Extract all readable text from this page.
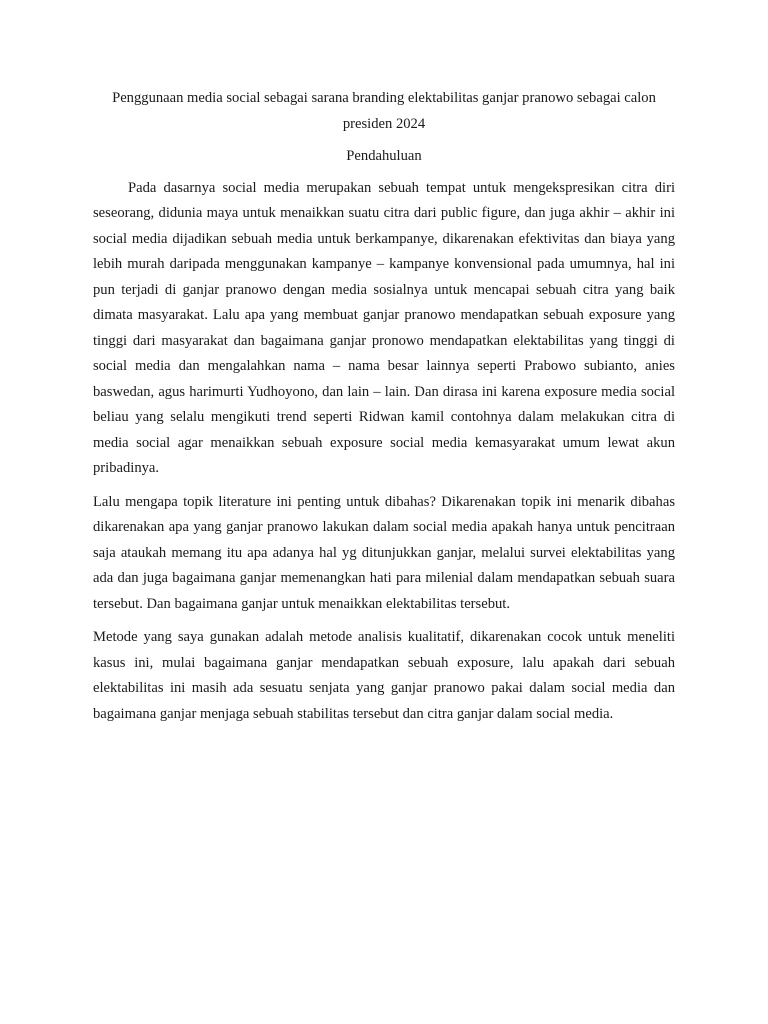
Penggunaan media social sebagai sarana branding elektabilitas ganjar pranowo sebagai calon presiden 2024
Pendahuluan

Pada dasarnya social media merupakan sebuah tempat untuk mengekspresikan citra diri seseorang, didunia maya untuk menaikkan suatu citra dari public figure, dan juga akhir – akhir ini social media dijadikan sebuah media untuk berkampanye, dikarenakan efektivitas dan biaya yang lebih murah daripada menggunakan kampanye – kampanye konvensional pada umumnya, hal ini pun terjadi di ganjar pranowo dengan media sosialnya untuk mencapai sebuah citra yang baik dimata masyarakat. Lalu apa yang membuat ganjar pranowo mendapatkan sebuah exposure yang tinggi dari masyarakat dan bagaimana ganjar pronowo mendapatkan elektabilitas yang tinggi di social media dan mengalahkan nama – nama besar lainnya seperti Prabowo subianto, anies baswedan, agus harimurti Yudhoyono, dan lain – lain. Dan dirasa ini karena exposure media social beliau yang selalu mengikuti trend seperti Ridwan kamil contohnya dalam melakukan citra di media social agar menaikkan sebuah exposure social media kemasyarakat umum lewat akun pribadinya.

Lalu mengapa topik literature ini penting untuk dibahas? Dikarenakan topik ini menarik dibahas dikarenakan apa yang ganjar pranowo lakukan dalam social media apakah hanya untuk pencitraan saja ataukah memang itu apa adanya hal yg ditunjukkan ganjar, melalui survei elektabilitas yang ada dan juga bagaimana ganjar memenangkan hati para milenial dalam mendapatkan sebuah suara tersebut. Dan bagaimana ganjar untuk menaikkan elektabilitas tersebut.

Metode yang saya gunakan adalah metode analisis kualitatif, dikarenakan cocok untuk meneliti kasus ini, mulai bagaimana ganjar mendapatkan sebuah exposure, lalu apakah dari sebuah elektabilitas ini masih ada sesuatu senjata yang ganjar pranowo pakai dalam social media dan bagaimana ganjar menjaga sebuah stabilitas tersebut dan citra ganjar dalam social media.
